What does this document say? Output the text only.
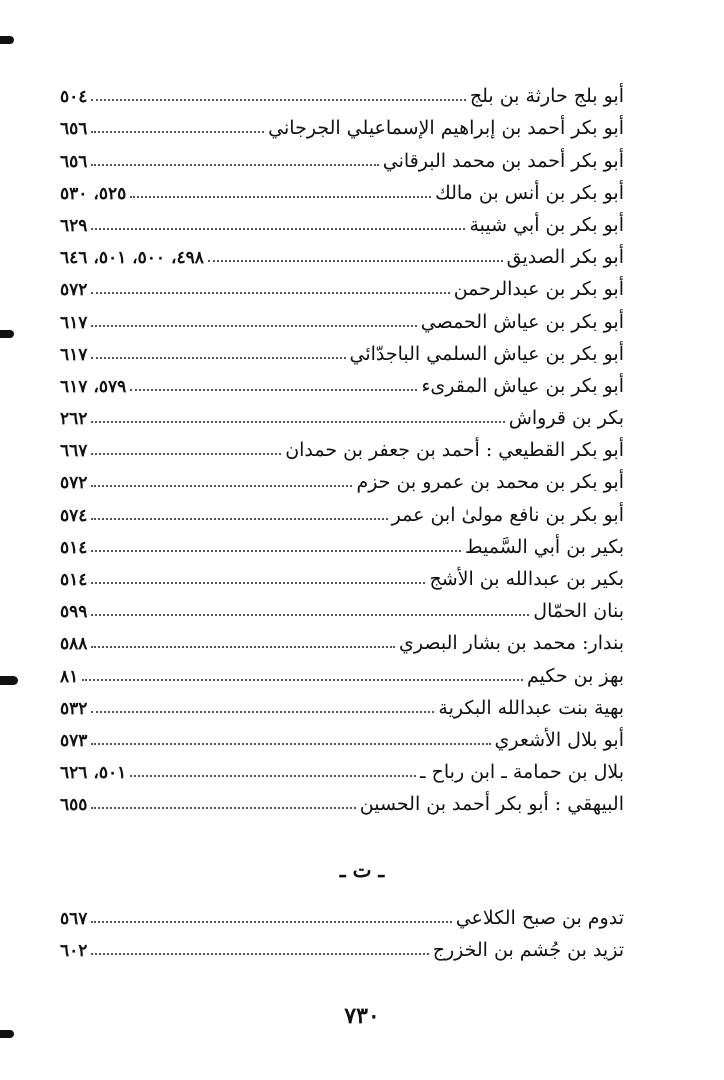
أبو بلج حارثة بن بلج
٥٠٤
أبو بكر أحمد بن إبراهيم الإسماعيلي الجرجاني
٦٥٦
أبو بكر أحمد بن محمد البرقاني
٦٥٦
أبو بكر بن أنس بن مالك
٥٢٥، ٥٣٠
أبو بكر بن أبي شيبة
٦٢٩
أبو بكر الصديق
٤٩٨، ٥٠٠، ٥٠١، ٦٤٦
أبو بكر بن عبدالرحمن
٥٧٢
أبو بكر بن عياش الحمصي
٦١٧
أبو بكر بن عياش السلمي الباجدّائي
٦١٧
أبو بكر بن عياش المقرىء
٥٧٩، ٦١٧
بكر بن قرواش
٢٦٢
أبو بكر القطيعي : أحمد بن جعفر بن حمدان
٦٦٧
أبو بكر بن محمد بن عمرو بن حزم
٥٧٢
أبو بكر بن نافع مولىٰ ابن عمر
٥٧٤
بكير بن أبي السَّميط
٥١٤
بكير بن عبدالله بن الأشج
٥١٤
بنان الحمّال
٥٩٩
بندار: محمد بن بشار البصري
٥٨٨
بهز بن حكيم
٨١
بهية بنت عبدالله البكرية
٥٣٢
أبو بلال الأشعري
٥٧٣
بلال بن حمامة ـ ابن رباح ـ
٥٠١، ٦٢٦
البيهقي : أبو بكر أحمد بن الحسين
٦٥٥
ـ ت ـ
تدوم بن صبح الكلاعي
٥٦٧
تزيد بن جُشم بن الخزرج
٦٠٢
٧٣٠
